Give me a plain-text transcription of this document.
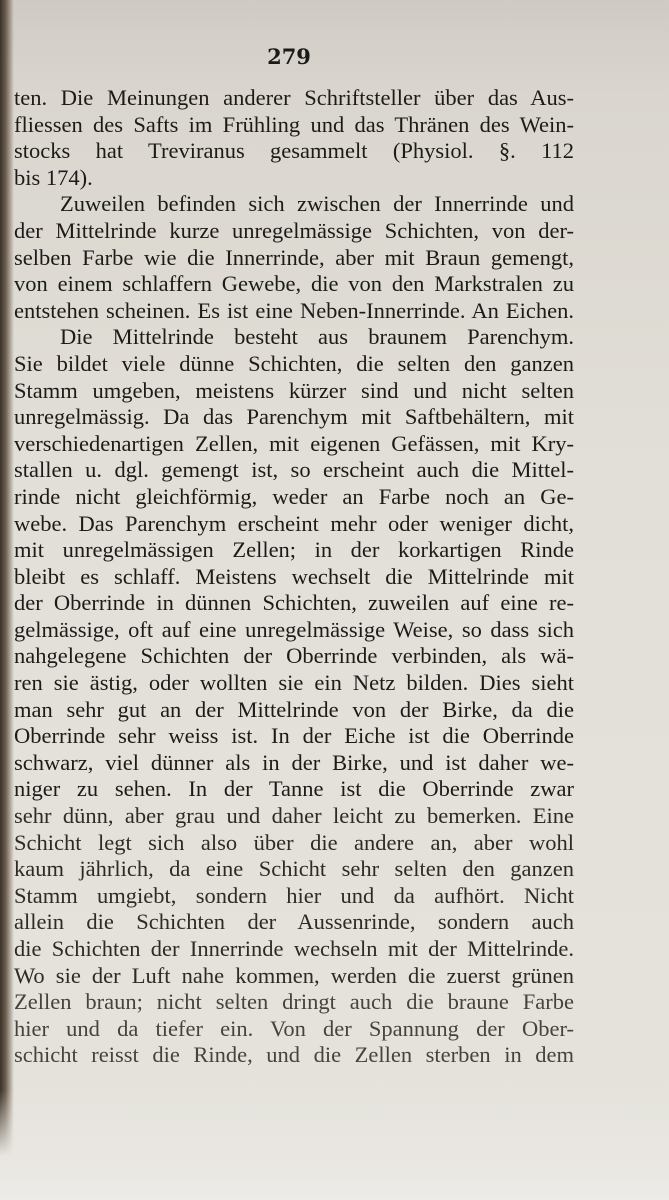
279
ten. Die Meinungen anderer Schriftsteller über das Aus-
fliessen des Safts im Frühling und das Thränen des Wein-
stocks hat Treviranus gesammelt (Physiol. §. 112
bis 174).
Zuweilen befinden sich zwischen der Innerrinde und
der Mittelrinde kurze unregelmässige Schichten, von der-
selben Farbe wie die Innerrinde, aber mit Braun gemengt,
von einem schlaffern Gewebe, die von den Markstralen zu
entstehen scheinen. Es ist eine Neben-Innerrinde. An Eichen.
Die Mittelrinde besteht aus braunem Parenchym.
Sie bildet viele dünne Schichten, die selten den ganzen
Stamm umgeben, meistens kürzer sind und nicht selten
unregelmässig. Da das Parenchym mit Saftbehältern, mit
verschiedenartigen Zellen, mit eigenen Gefässen, mit Kry-
stallen u. dgl. gemengt ist, so erscheint auch die Mittel-
rinde nicht gleichförmig, weder an Farbe noch an Ge-
webe. Das Parenchym erscheint mehr oder weniger dicht,
mit unregelmässigen Zellen; in der korkartigen Rinde
bleibt es schlaff. Meistens wechselt die Mittelrinde mit
der Oberrinde in dünnen Schichten, zuweilen auf eine re-
gelmässige, oft auf eine unregelmässige Weise, so dass sich
nahgelegene Schichten der Oberrinde verbinden, als wä-
ren sie ästig, oder wollten sie ein Netz bilden. Dies sieht
man sehr gut an der Mittelrinde von der Birke, da die
Oberrinde sehr weiss ist. In der Eiche ist die Oberrinde
schwarz, viel dünner als in der Birke, und ist daher we-
niger zu sehen. In der Tanne ist die Oberrinde zwar
sehr dünn, aber grau und daher leicht zu bemerken. Eine
Schicht legt sich also über die andere an, aber wohl
kaum jährlich, da eine Schicht sehr selten den ganzen
Stamm umgiebt, sondern hier und da aufhört. Nicht
allein die Schichten der Aussenrinde, sondern auch
die Schichten der Innerrinde wechseln mit der Mittelrinde.
Wo sie der Luft nahe kommen, werden die zuerst grünen
Zellen braun; nicht selten dringt auch die braune Farbe
hier und da tiefer ein. Von der Spannung der Ober-
schicht reisst die Rinde, und die Zellen sterben in dem
